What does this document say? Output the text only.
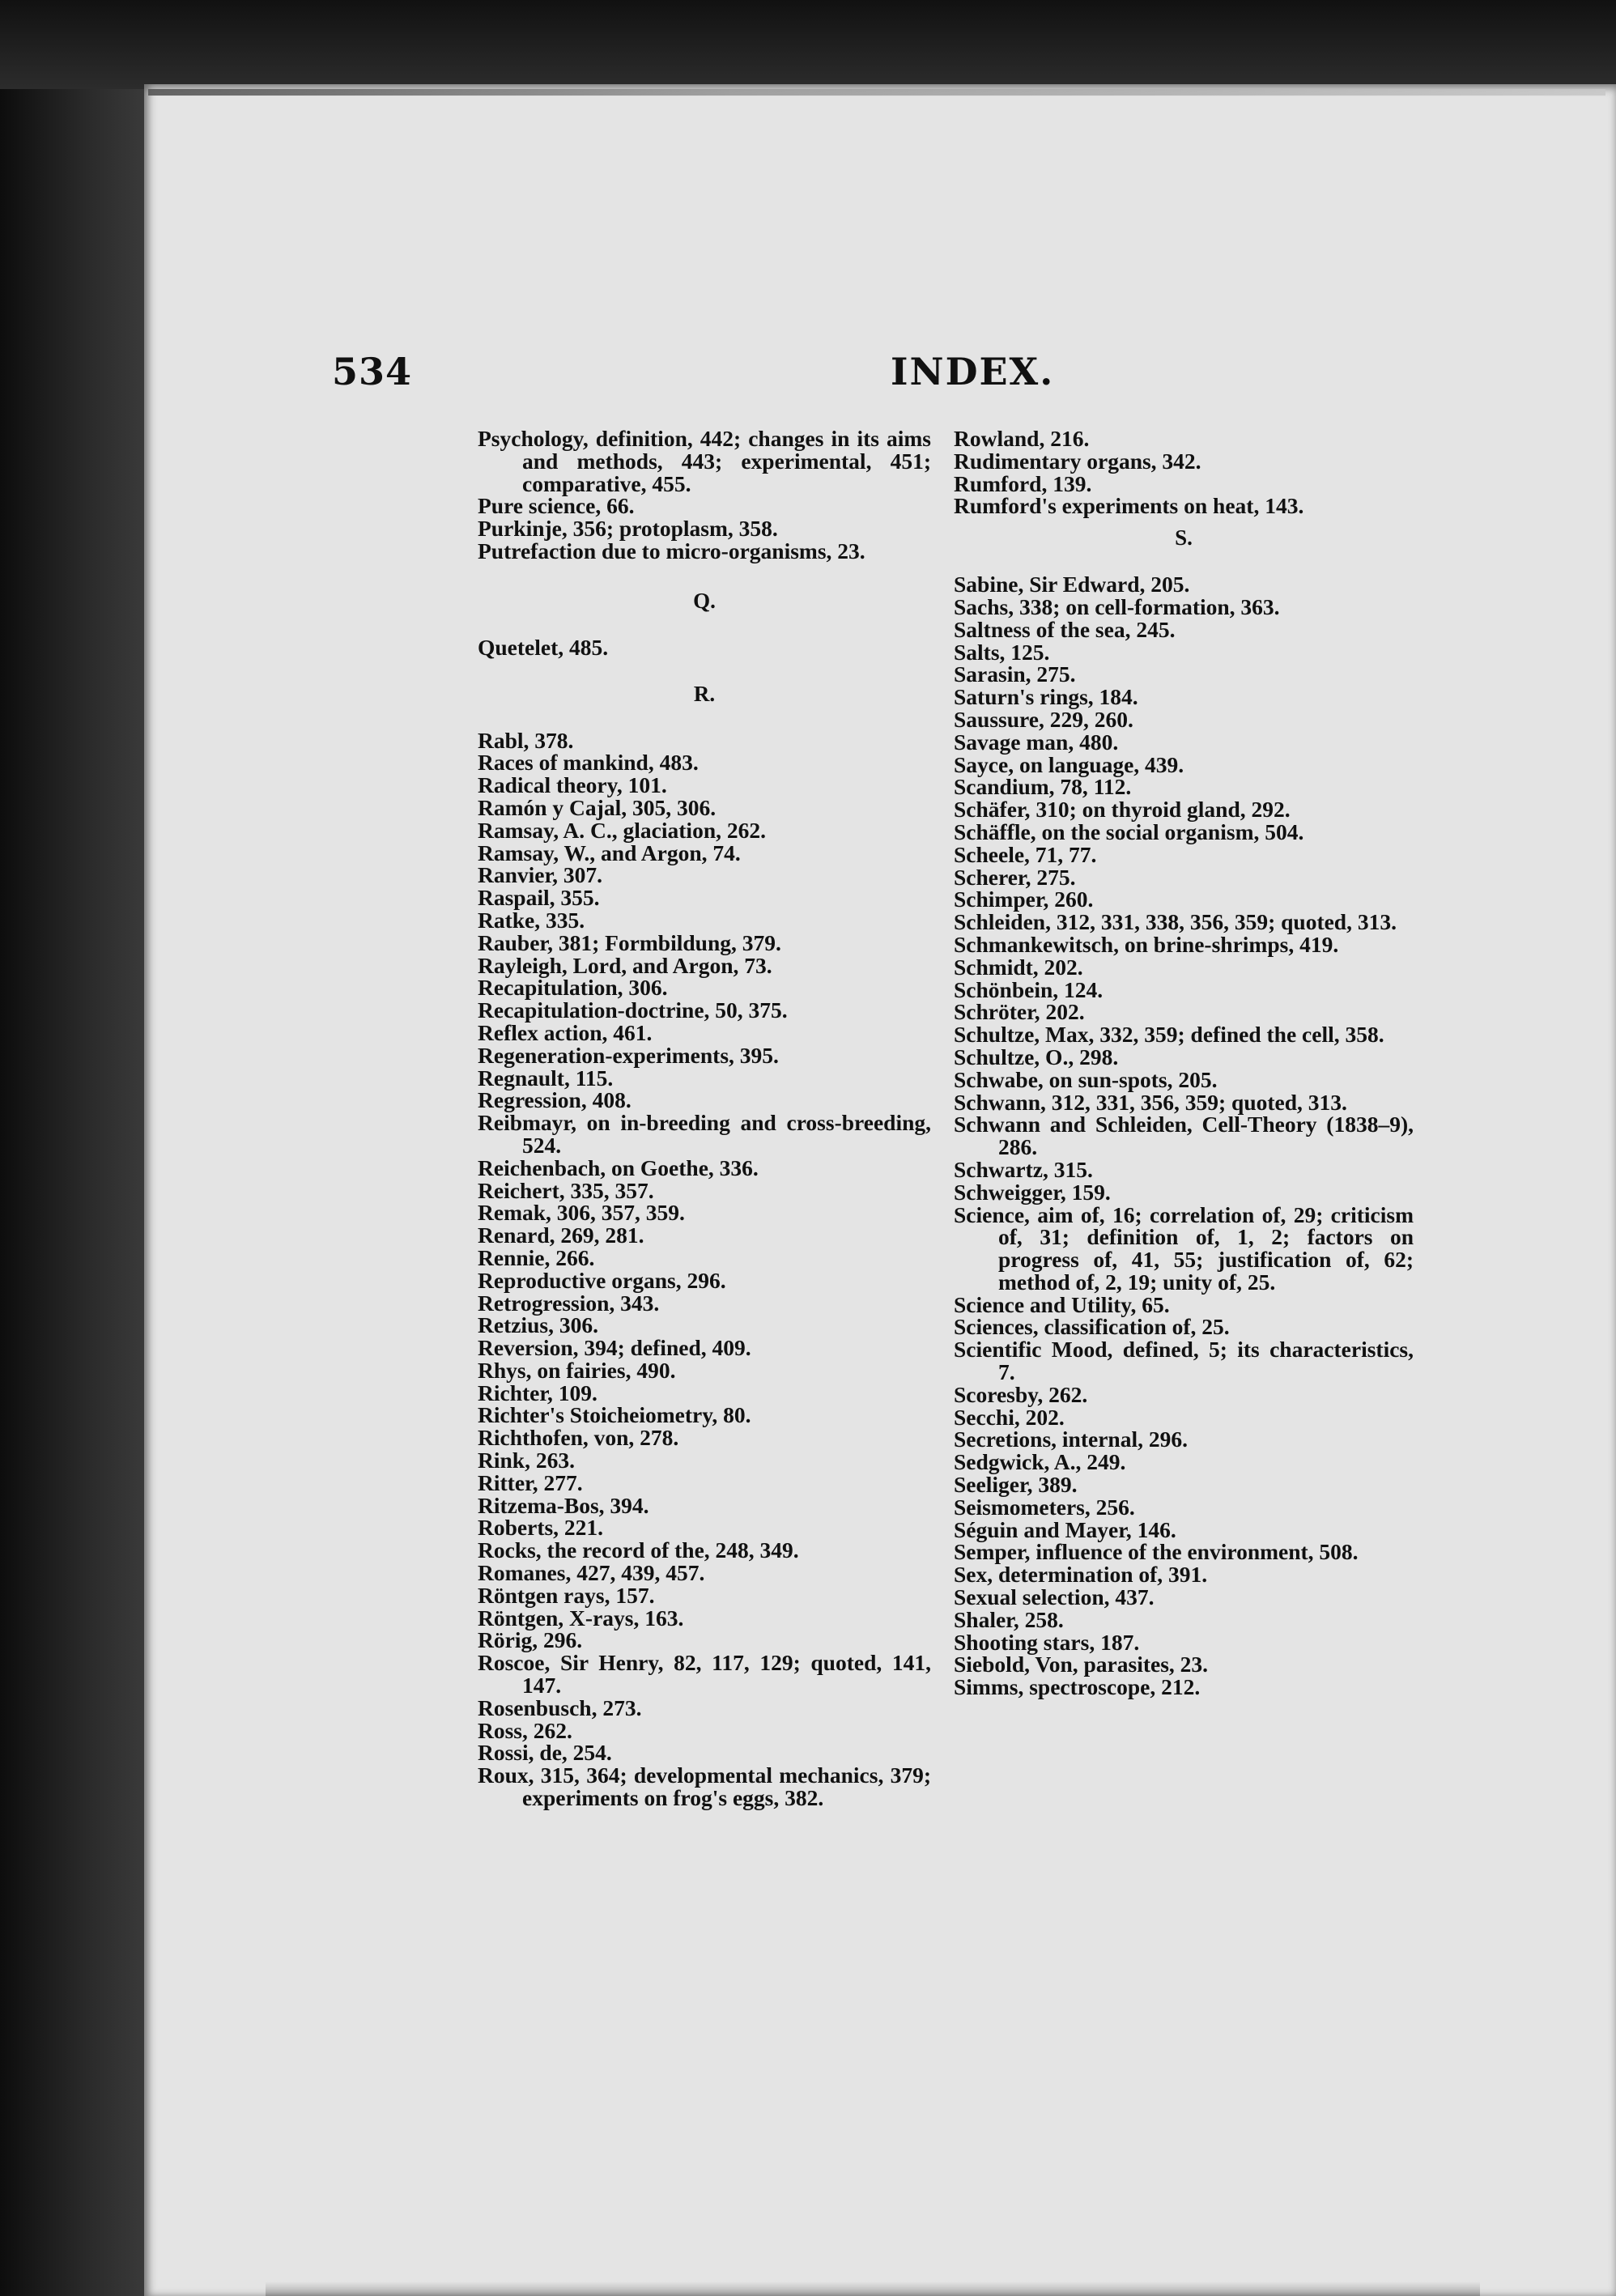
534	INDEX.
Psychology, definition, 442; changes in its aims and methods, 443; experimental, 451; comparative, 455.
Pure science, 66.
Purkinje, 356; protoplasm, 358.
Putrefaction due to micro-organisms, 23.
Q.
Quetelet, 485.
R.
Rabl, 378.
Races of mankind, 483.
Radical theory, 101.
Ramón y Cajal, 305, 306.
Ramsay, A. C., glaciation, 262.
Ramsay, W., and Argon, 74.
Ranvier, 307.
Raspail, 355.
Ratke, 335.
Rauber, 381; Formbildung, 379.
Rayleigh, Lord, and Argon, 73.
Recapitulation, 306.
Recapitulation-doctrine, 50, 375.
Reflex action, 461.
Regeneration-experiments, 395.
Regnault, 115.
Regression, 408.
Reibmayr, on in-breeding and cross-breeding, 524.
Reichenbach, on Goethe, 336.
Reichert, 335, 357.
Remak, 306, 357, 359.
Renard, 269, 281.
Rennie, 266.
Reproductive organs, 296.
Retrogression, 343.
Retzius, 306.
Reversion, 394; defined, 409.
Rhys, on fairies, 490.
Richter, 109.
Richter's Stoicheiometry, 80.
Richthofen, von, 278.
Rink, 263.
Ritter, 277.
Ritzema-Bos, 394.
Roberts, 221.
Rocks, the record of the, 248, 349.
Romanes, 427, 439, 457.
Röntgen rays, 157.
Röntgen, X-rays, 163.
Rörig, 296.
Roscoe, Sir Henry, 82, 117, 129; quoted, 141, 147.
Rosenbusch, 273.
Ross, 262.
Rossi, de, 254.
Roux, 315, 364; developmental mechanics, 379; experiments on frog's eggs, 382.
Rowland, 216.
Rudimentary organs, 342.
Rumford, 139.
Rumford's experiments on heat, 143.
S.
Sabine, Sir Edward, 205.
Sachs, 338; on cell-formation, 363.
Saltness of the sea, 245.
Salts, 125.
Sarasin, 275.
Saturn's rings, 184.
Saussure, 229, 260.
Savage man, 480.
Sayce, on language, 439.
Scandium, 78, 112.
Schäfer, 310; on thyroid gland, 292.
Schäffle, on the social organism, 504.
Scheele, 71, 77.
Scherer, 275.
Schimper, 260.
Schleiden, 312, 331, 338, 356, 359; quoted, 313.
Schmankewitsch, on brine-shrimps, 419.
Schmidt, 202.
Schönbein, 124.
Schröter, 202.
Schultze, Max, 332, 359; defined the cell, 358.
Schultze, O., 298.
Schwabe, on sun-spots, 205.
Schwann, 312, 331, 356, 359; quoted, 313.
Schwann and Schleiden, Cell-Theory (1838–9), 286.
Schwartz, 315.
Schweigger, 159.
Science, aim of, 16; correlation of, 29; criticism of, 31; definition of, 1, 2; factors on progress of, 41, 55; justification of, 62; method of, 2, 19; unity of, 25.
Science and Utility, 65.
Sciences, classification of, 25.
Scientific Mood, defined, 5; its characteristics, 7.
Scoresby, 262.
Secchi, 202.
Secretions, internal, 296.
Sedgwick, A., 249.
Seeliger, 389.
Seismometers, 256.
Séguin and Mayer, 146.
Semper, influence of the environment, 508.
Sex, determination of, 391.
Sexual selection, 437.
Shaler, 258.
Shooting stars, 187.
Siebold, Von, parasites, 23.
Simms, spectroscope, 212.
